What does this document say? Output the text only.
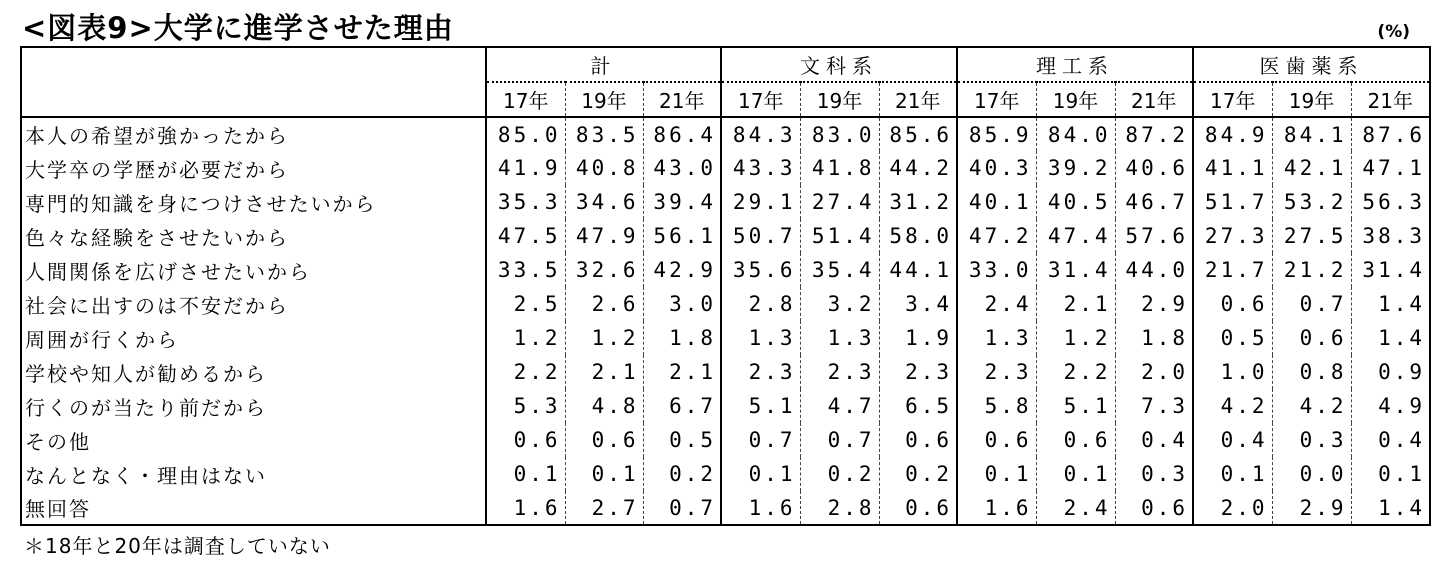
<図表9>大学に進学させた理由	(%)
	計			文科系			理工系			医歯薬系		
	17年	19年	21年	17年	19年	21年	17年	19年	21年	17年	19年	21年
本人の希望が強かったから	85.0	83.5	86.4	84.3	83.0	85.6	85.9	84.0	87.2	84.9	84.1	87.6
大学卒の学歴が必要だから	41.9	40.8	43.0	43.3	41.8	44.2	40.3	39.2	40.6	41.1	42.1	47.1
専門的知識を身につけさせたいから	35.3	34.6	39.4	29.1	27.4	31.2	40.1	40.5	46.7	51.7	53.2	56.3
色々な経験をさせたいから	47.5	47.9	56.1	50.7	51.4	58.0	47.2	47.4	57.6	27.3	27.5	38.3
人間関係を広げさせたいから	33.5	32.6	42.9	35.6	35.4	44.1	33.0	31.4	44.0	21.7	21.2	31.4
社会に出すのは不安だから	2.5	2.6	3.0	2.8	3.2	3.4	2.4	2.1	2.9	0.6	0.7	1.4
周囲が行くから	1.2	1.2	1.8	1.3	1.3	1.9	1.3	1.2	1.8	0.5	0.6	1.4
学校や知人が勧めるから	2.2	2.1	2.1	2.3	2.3	2.3	2.3	2.2	2.0	1.0	0.8	0.9
行くのが当たり前だから	5.3	4.8	6.7	5.1	4.7	6.5	5.8	5.1	7.3	4.2	4.2	4.9
その他	0.6	0.6	0.5	0.7	0.7	0.6	0.6	0.6	0.4	0.4	0.3	0.4
なんとなく・理由はない	0.1	0.1	0.2	0.1	0.2	0.2	0.1	0.1	0.3	0.1	0.0	0.1
無回答	1.6	2.7	0.7	1.6	2.8	0.6	1.6	2.4	0.6	2.0	2.9	1.4
＊18年と20年は調査していない
